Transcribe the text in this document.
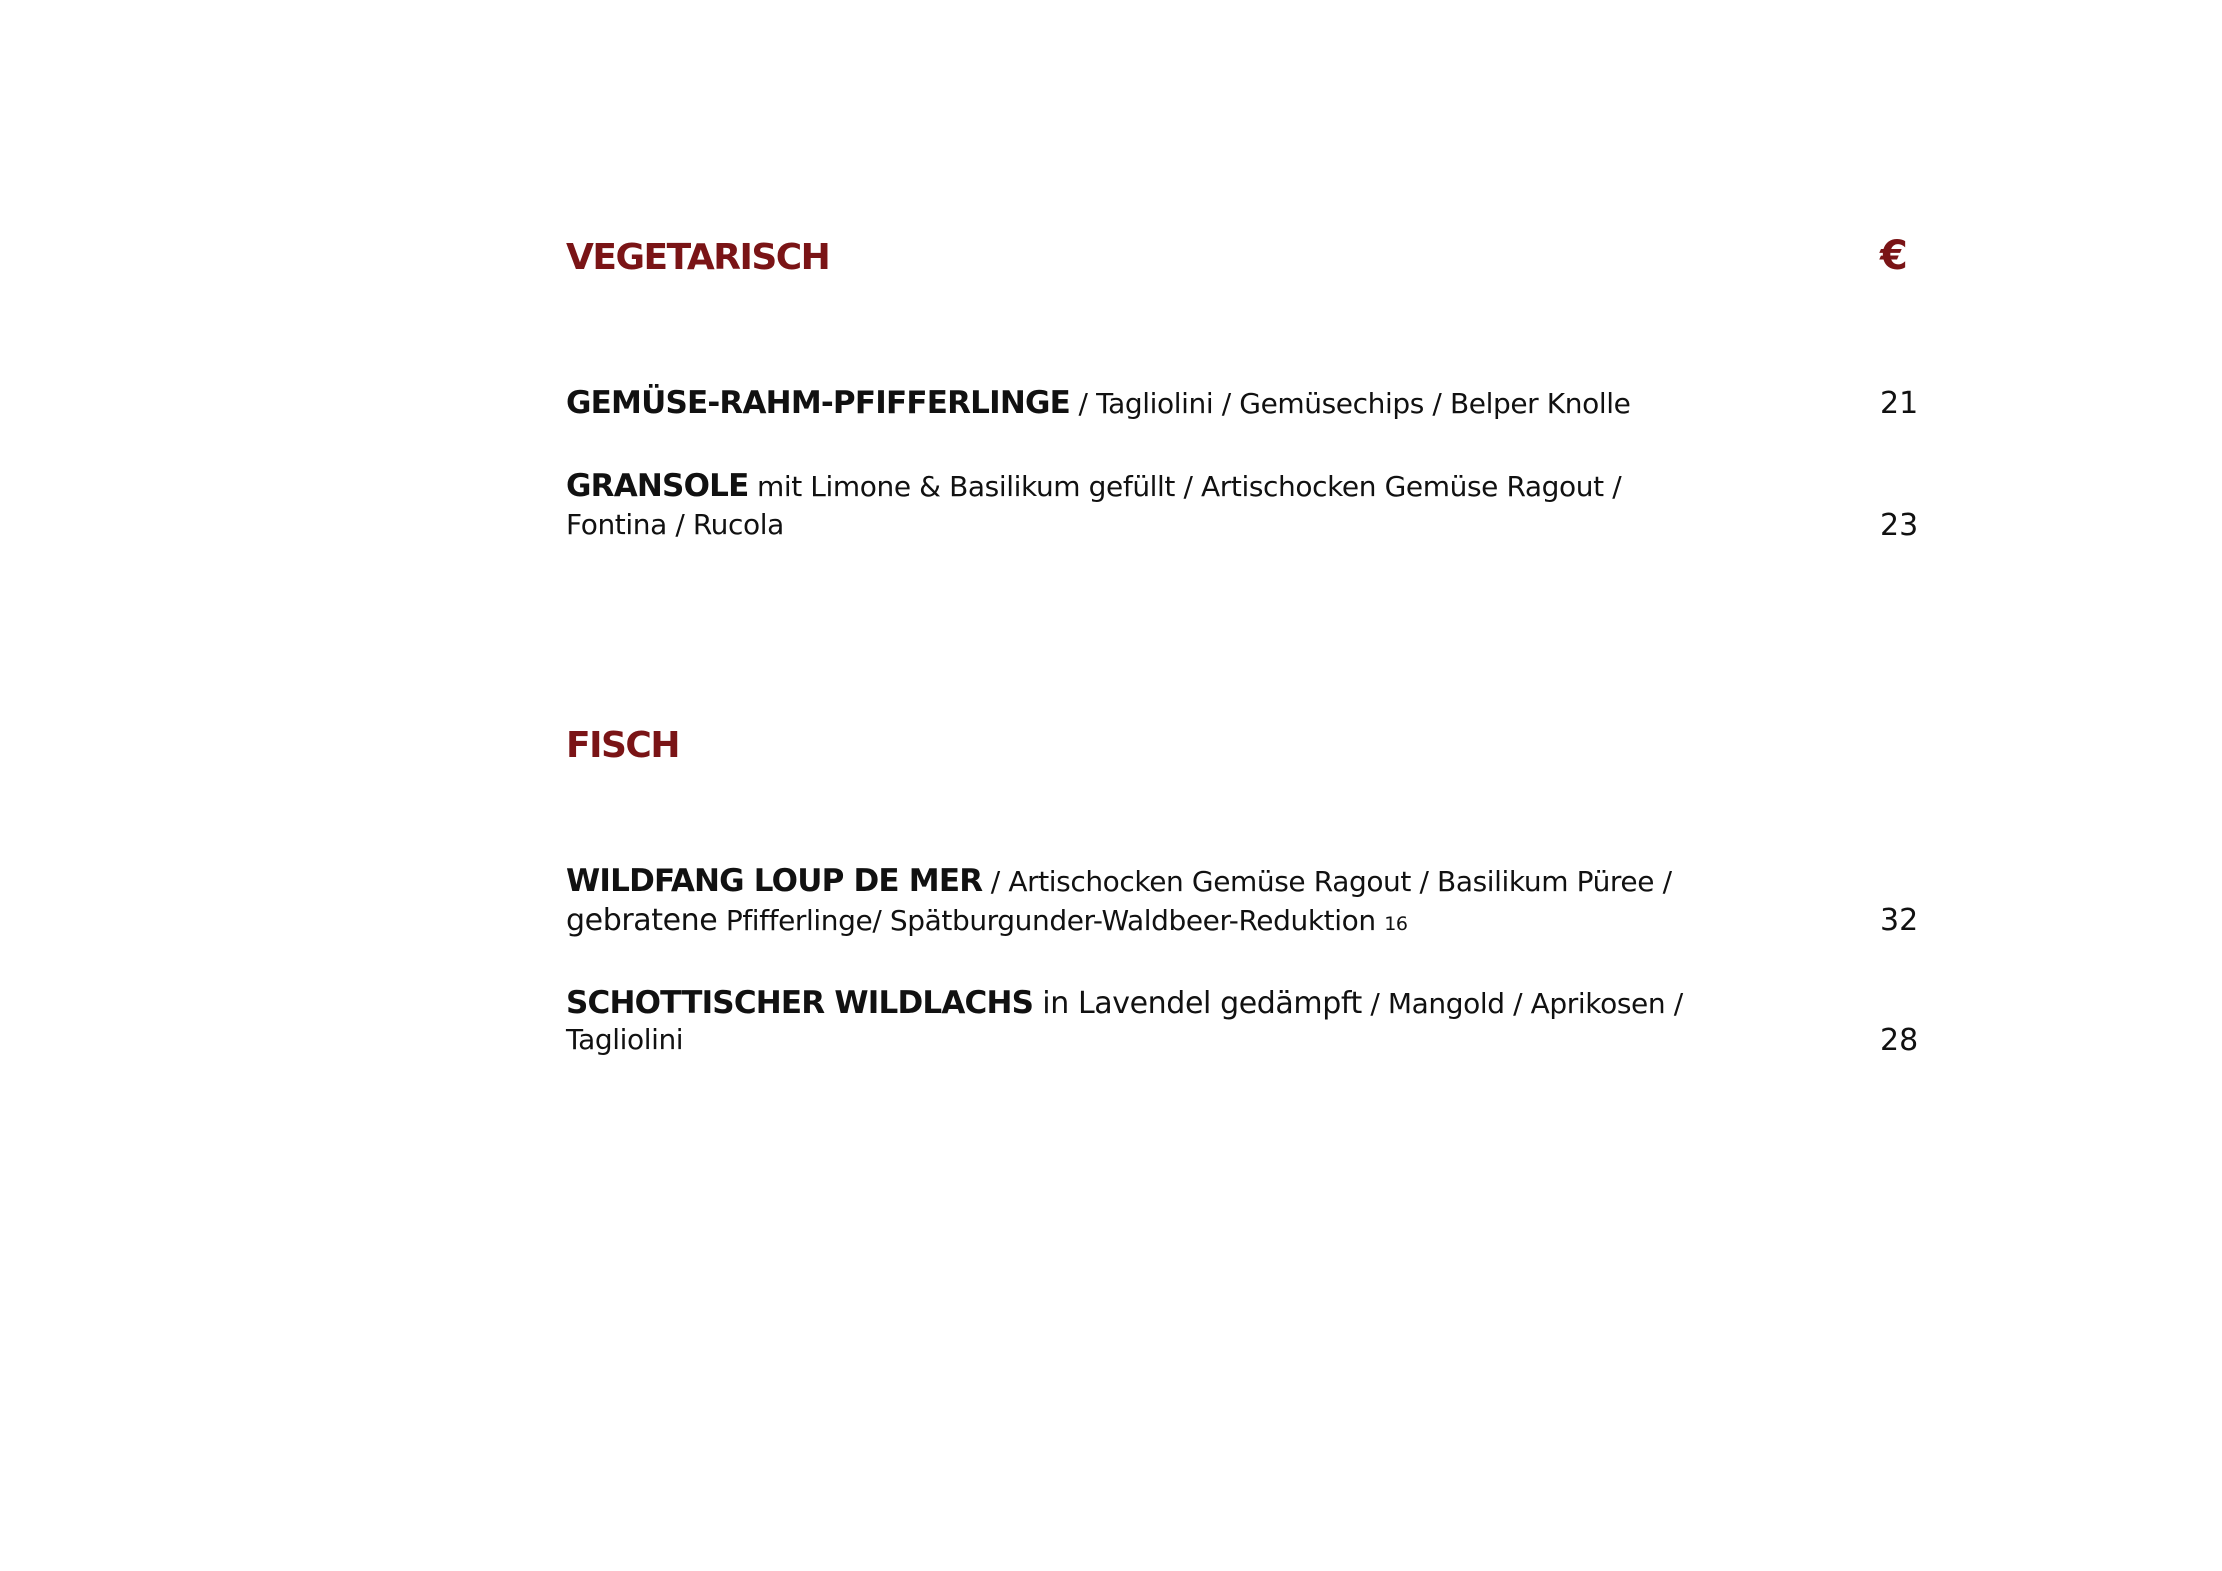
VEGETARISCH	€
GEMÜSE-RAHM-PFIFFERLINGE / Tagliolini / Gemüsechips / Belper Knolle	21
GRANSOLE mit Limone & Basilikum gefüllt / Artischocken Gemüse Ragout /
Fontina / Rucola	23
FISCH
WILDFANG LOUP DE MER / Artischocken Gemüse Ragout / Basilikum Püree /
gebratene Pfifferlinge/ Spätburgunder-Waldbeer-Reduktion 16	32
SCHOTTISCHER WILDLACHS in Lavendel gedämpft / Mangold / Aprikosen /
Tagliolini	28
